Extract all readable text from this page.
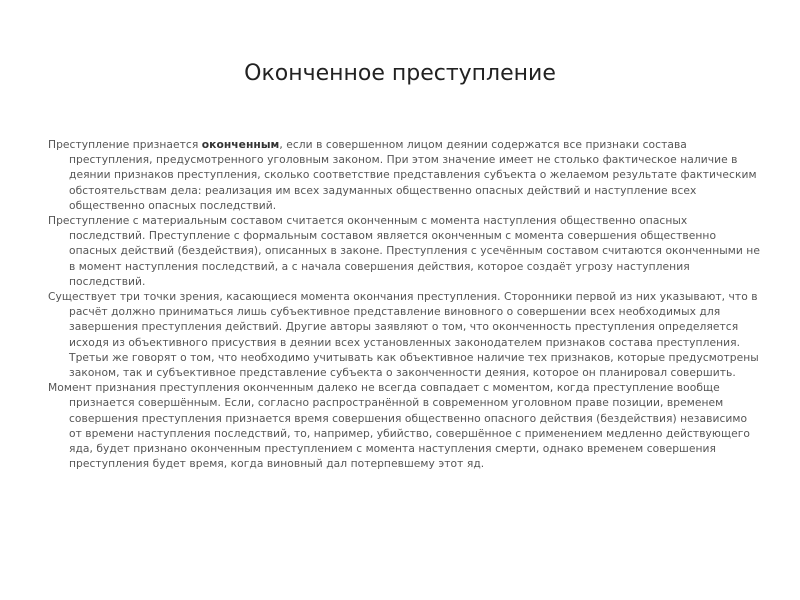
Оконченное преступление

Преступление признается оконченным, если в совершенном лицом деянии содержатся все признаки состава преступления, предусмотренного уголовным законом. При этом значение имеет не столько фактическое наличие в деянии признаков преступления, сколько соответствие представления субъекта о желаемом результате фактическим обстоятельствам дела: реализация им всех задуманных общественно опасных действий и наступление всех общественно опасных последствий.

Преступление с материальным составом считается оконченным с момента наступления общественно опасных последствий. Преступление с формальным составом является оконченным с момента совершения общественно опасных действий (бездействия), описанных в законе. Преступления с усечённым составом считаются оконченными не в момент наступления последствий, а с начала совершения действия, которое создаёт угрозу наступления последствий.

Существует три точки зрения, касающиеся момента окончания преступления. Сторонники первой из них указывают, что в расчёт должно приниматься лишь субъективное представление виновного о совершении всех необходимых для завершения преступления действий. Другие авторы заявляют о том, что оконченность преступления определяется исходя из объективного присуствия в деянии всех установленных законодателем признаков состава преступления. Третьи же говорят о том, что необходимо учитывать как объективное наличие тех признаков, которые предусмотрены законом, так и субъективное представление субъекта о законченности деяния, которое он планировал совершить.

Момент признания преступления оконченным далеко не всегда совпадает с моментом, когда преступление вообще признается совершённым. Если, согласно распространённой в современном уголовном праве позиции, временем совершения преступления признается время совершения общественно опасного действия (бездействия) независимо от времени наступления последствий, то, например, убийство, совершённое с применением медленно действующего яда, будет признано оконченным преступлением с момента наступления смерти, однако временем совершения преступления будет время, когда виновный дал потерпевшему этот яд.
